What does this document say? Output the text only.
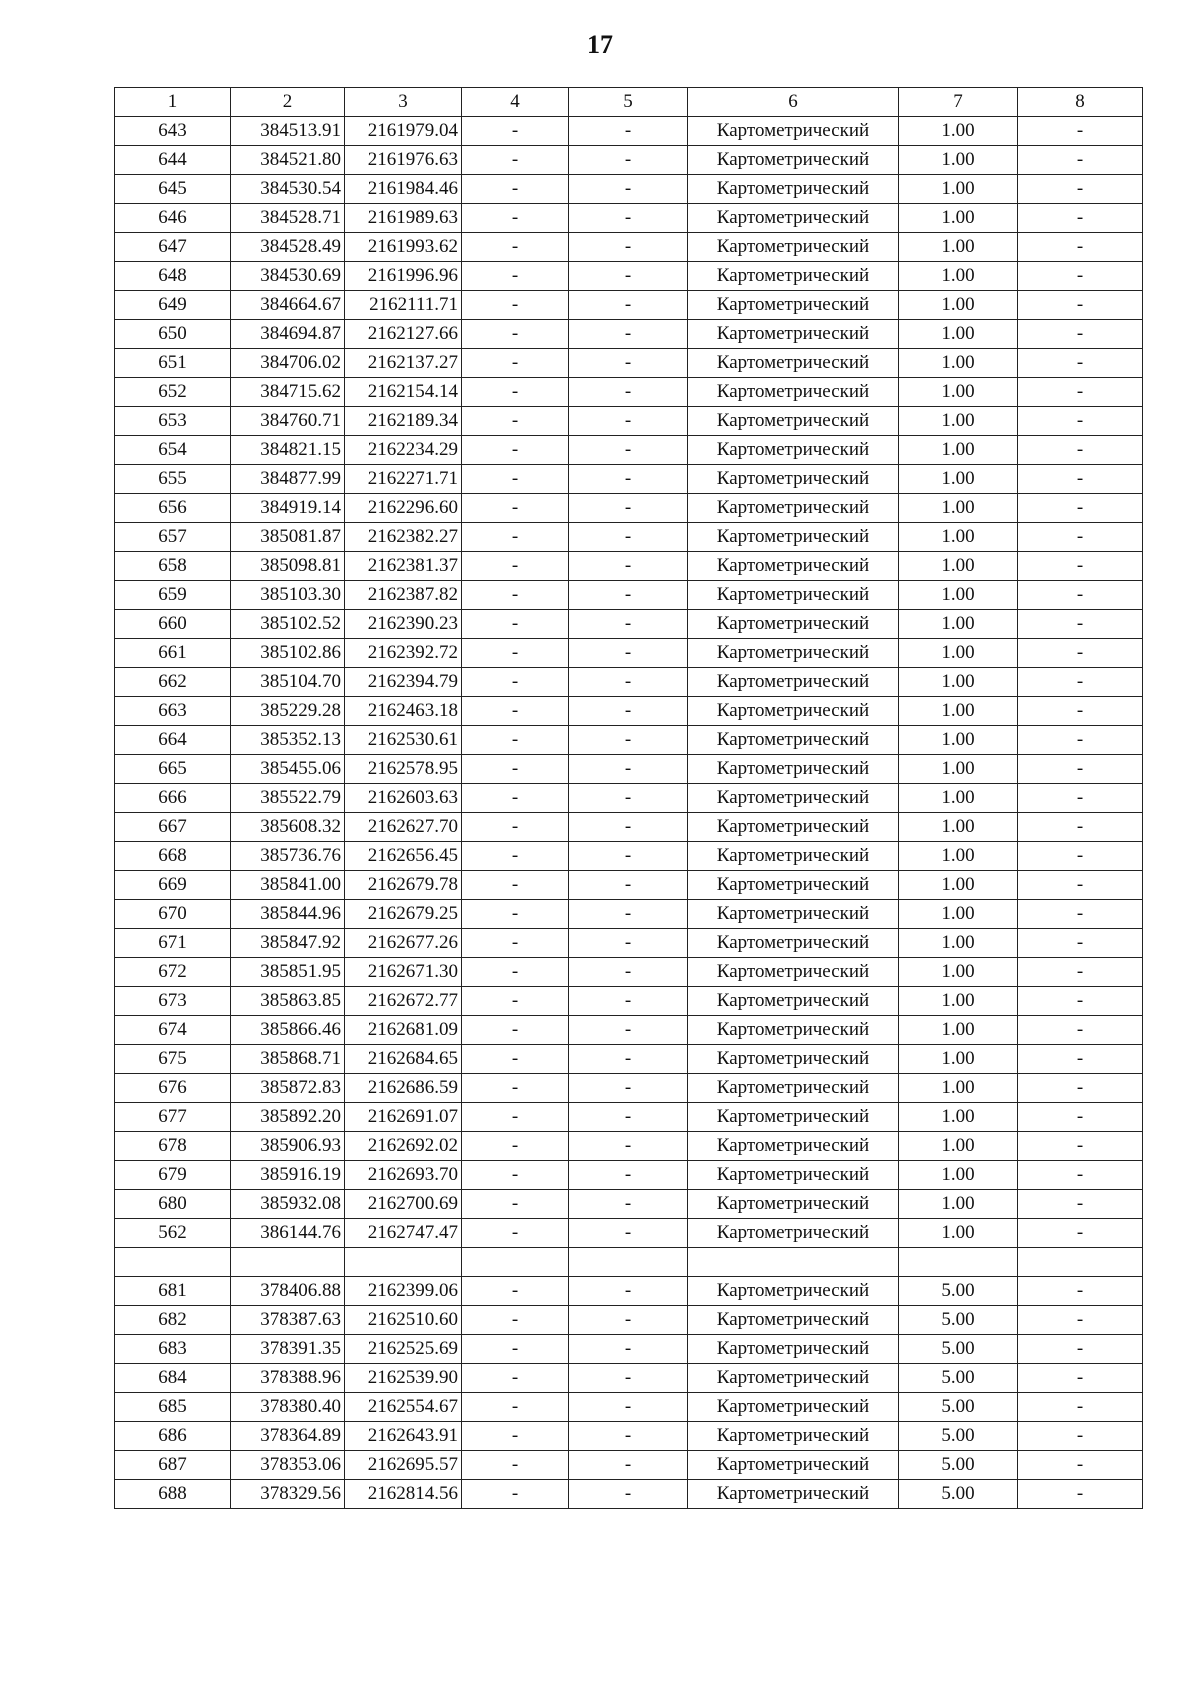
17
1	2	3	4	5	6	7	8
643	384513.91	2161979.04	-	-	Картометрический	1.00	-
644	384521.80	2161976.63	-	-	Картометрический	1.00	-
645	384530.54	2161984.46	-	-	Картометрический	1.00	-
646	384528.71	2161989.63	-	-	Картометрический	1.00	-
647	384528.49	2161993.62	-	-	Картометрический	1.00	-
648	384530.69	2161996.96	-	-	Картометрический	1.00	-
649	384664.67	2162111.71	-	-	Картометрический	1.00	-
650	384694.87	2162127.66	-	-	Картометрический	1.00	-
651	384706.02	2162137.27	-	-	Картометрический	1.00	-
652	384715.62	2162154.14	-	-	Картометрический	1.00	-
653	384760.71	2162189.34	-	-	Картометрический	1.00	-
654	384821.15	2162234.29	-	-	Картометрический	1.00	-
655	384877.99	2162271.71	-	-	Картометрический	1.00	-
656	384919.14	2162296.60	-	-	Картометрический	1.00	-
657	385081.87	2162382.27	-	-	Картометрический	1.00	-
658	385098.81	2162381.37	-	-	Картометрический	1.00	-
659	385103.30	2162387.82	-	-	Картометрический	1.00	-
660	385102.52	2162390.23	-	-	Картометрический	1.00	-
661	385102.86	2162392.72	-	-	Картометрический	1.00	-
662	385104.70	2162394.79	-	-	Картометрический	1.00	-
663	385229.28	2162463.18	-	-	Картометрический	1.00	-
664	385352.13	2162530.61	-	-	Картометрический	1.00	-
665	385455.06	2162578.95	-	-	Картометрический	1.00	-
666	385522.79	2162603.63	-	-	Картометрический	1.00	-
667	385608.32	2162627.70	-	-	Картометрический	1.00	-
668	385736.76	2162656.45	-	-	Картометрический	1.00	-
669	385841.00	2162679.78	-	-	Картометрический	1.00	-
670	385844.96	2162679.25	-	-	Картометрический	1.00	-
671	385847.92	2162677.26	-	-	Картометрический	1.00	-
672	385851.95	2162671.30	-	-	Картометрический	1.00	-
673	385863.85	2162672.77	-	-	Картометрический	1.00	-
674	385866.46	2162681.09	-	-	Картометрический	1.00	-
675	385868.71	2162684.65	-	-	Картометрический	1.00	-
676	385872.83	2162686.59	-	-	Картометрический	1.00	-
677	385892.20	2162691.07	-	-	Картометрический	1.00	-
678	385906.93	2162692.02	-	-	Картометрический	1.00	-
679	385916.19	2162693.70	-	-	Картометрический	1.00	-
680	385932.08	2162700.69	-	-	Картометрический	1.00	-
562	386144.76	2162747.47	-	-	Картометрический	1.00	-

681	378406.88	2162399.06	-	-	Картометрический	5.00	-
682	378387.63	2162510.60	-	-	Картометрический	5.00	-
683	378391.35	2162525.69	-	-	Картометрический	5.00	-
684	378388.96	2162539.90	-	-	Картометрический	5.00	-
685	378380.40	2162554.67	-	-	Картометрический	5.00	-
686	378364.89	2162643.91	-	-	Картометрический	5.00	-
687	378353.06	2162695.57	-	-	Картометрический	5.00	-
688	378329.56	2162814.56	-	-	Картометрический	5.00	-
